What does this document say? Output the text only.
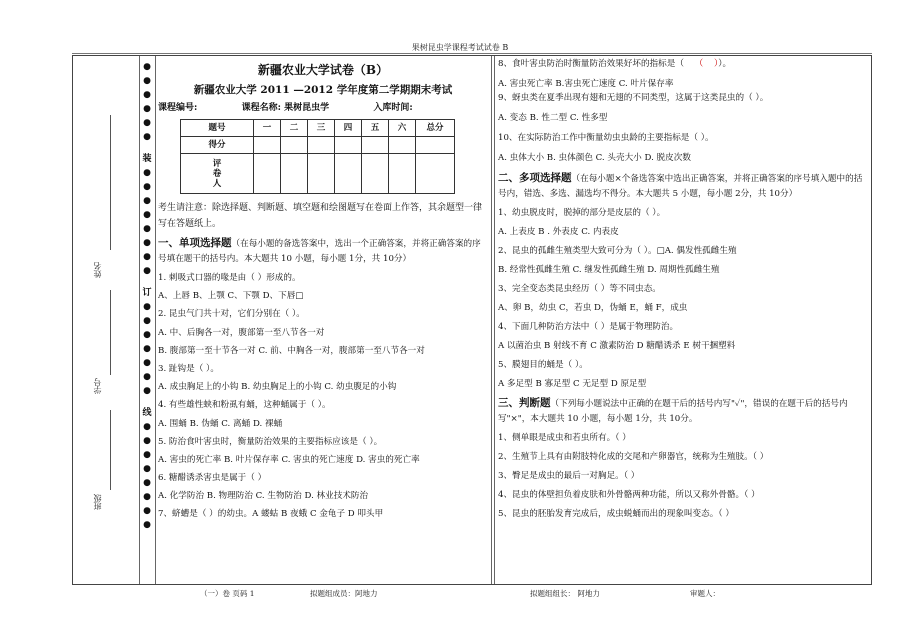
果树昆虫学课程考试试卷 B
姓名
学号
班级
●
●
●
●
●
●
装
●
●
●
●
●
●
●
●
订
●
●
●
●
●
●
●
线
●
●
●
●
●
●
●
●

新疆农业大学试卷（B）

新疆农业大学 2011 —2012 学年度第二学期期末考试

课程编号:	课程名称: 果树昆虫学	入库时间:

题号	一	二	三	四	五	六	总分
得分							
评
卷
人							

考生请注意：除选择题、判断题、填空题和绘图题写在卷面上作答，其余题型一律写在答题纸上。

一、单项选择题（在每小题的备选答案中，选出一个正确答案，并将正确答案的序号填在题干的括号内。本大题共 10 小题，每小题 1分，共 10分）

1. 刺吸式口器的喙是由（ ）形成的。

A、上唇 B、上颚 C、下颚 D、下唇□

2. 昆虫气门共十对，它们分别在（ ）。

A. 中、后胸各一对，腹部第一至八节各一对

B. 腹部第一至十节各一对 C. 前、中胸各一对，腹部第一至八节各一对

3. 趾钩是（ ）。

A. 成虫胸足上的小钩 B. 幼虫胸足上的小钩 C. 幼虫腹足的小钩

4. 有些雄性蛱和粉虱有蛹，这种蛹属于（ ）。

A. 围蛹 B. 伪蛹 C. 离蛹 D. 裸蛹

5. 防治食叶害虫时，衡量防治效果的主要指标应该是（ ）。

A. 害虫的死亡率 B. 叶片保存率 C. 害虫的死亡速度 D. 害虫的死亡率

6. 糖醋诱杀害虫是属于（ ）

A. 化学防治 B. 物理防治 C. 生物防治 D. 林业技术防治

7、蛴螬是（ ）的幼虫。A 蝼蛄 B 夜蛾 C 金龟子 D 叩头甲

8、食叶害虫防治时衡量防治效果好坏的指标是（ （ ））。

A. 害虫死亡率 B.害虫死亡速度 C. 叶片保存率

9、蚜虫类在夏季出现有翅和无翅的不同类型，这属于这类昆虫的（ ）。

A. 变态 B. 性二型 C. 性多型

10、在实际防治工作中衡量幼虫虫龄的主要指标是（ ）。

A. 虫体大小 B. 虫体颜色 C. 头壳大小 D. 脱皮次数

二、多项选择题（在每小题×个备选答案中选出正确答案，并将正确答案的序号填入题中的括号内，错选、多选、漏选均不得分。本大题共 5 小题，每小题 2分，共 10分）

1、幼虫脱皮时，脱掉的部分是皮层的（ ）。

A. 上表皮 B . 外表皮 C. 内表皮

2、昆虫的孤雌生殖类型大致可分为（ ）。□A. 偶发性孤雌生殖

B. 经常性孤雌生殖 C. 继发性孤雌生殖 D. 周期性孤雌生殖

3、完全变态类昆虫经历（ ）等不同虫态。

A、卵 B，幼虫 C，若虫 D，伪蛹 E，蛹 F，成虫

4、下面几种防治方法中（ ）是属于物理防治。

A 以菌治虫 B 射线不育 C 激素防治 D 糖醋诱杀 E 树干捆塑料

5、膜翅目的蛹是（ ）。

A 多足型 B 寡足型 C 无足型 D 原足型

三、判断题（下列每小题说法中正确的在题干后的括号内写"✓"，错误的在题干后的括号内写"×"，本大题共 10 小题，每小题 1分，共 10分。

1、侧单眼是成虫和若虫所有。（ ）

2、生殖节上具有由附肢特化成的交尾和产卵器官，统称为生殖肢。（ ）

3、臀足是成虫的最后一对胸足。（ ）

4、昆虫的体壁担负着皮肤和外骨骼两种功能，所以又称外骨骼。（ ）

5、昆虫的胚胎发育完成后，成虫蜕蛹而出的现象叫变态。（ ）

（一）卷 页码 1	拟题组成员：阿地力	拟题组组长： 阿地力	审题人：
